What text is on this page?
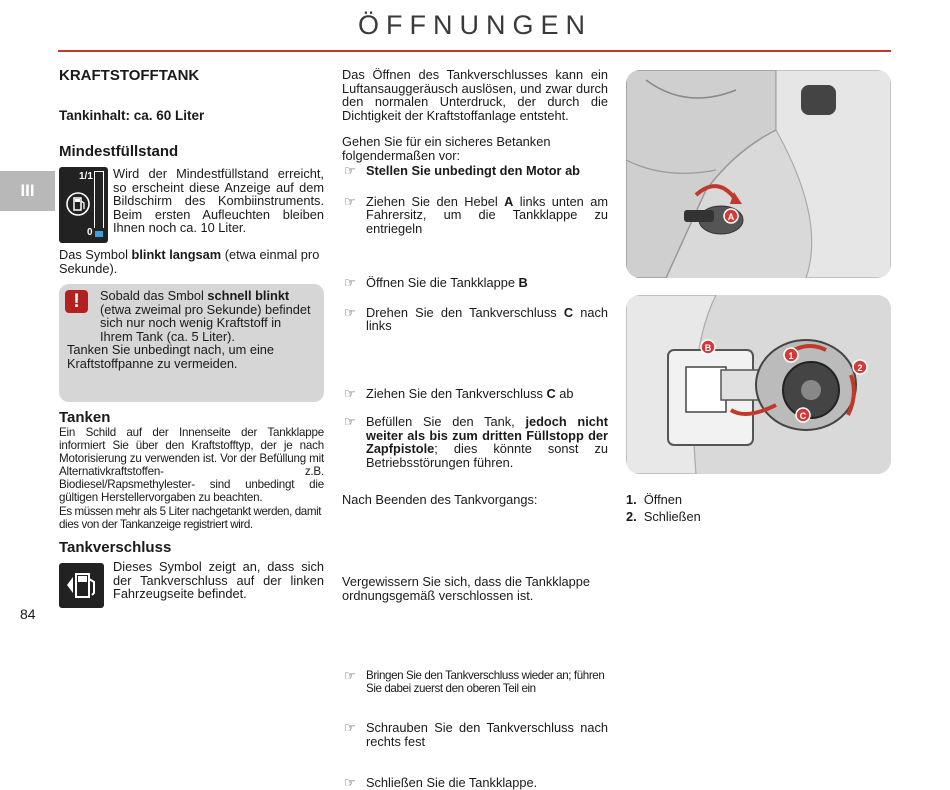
ÖFFNUNGEN
III
KRAFTSTOFFTANK
Tankinhalt: ca. 60 Liter
Mindestfüllstand
1/1
0
Wird der Mindestfüllstand erreicht, so erscheint diese Anzeige auf dem Bildschirm des Kombiinstruments. Beim ersten Aufleuchten bleiben Ihnen noch ca. 10 Liter.
Das Symbol blinkt langsam (etwa einmal pro Sekunde).
!	Sobald das Smbol schnell blinkt (etwa zweimal pro Sekunde) befindet sich nur noch wenig Kraftstoff in Ihrem Tank (ca. 5 Liter).
Tanken Sie unbedingt nach, um eine Kraftstoffpanne zu vermeiden.
Tanken
Ein Schild auf der Innenseite der Tankklappe informiert Sie über den Kraftstofftyp, der je nach Motorisierung zu verwenden ist. Vor der Befüllung mit Alternativkraftstoffen- z.B. Biodiesel/Rapsmethylester- sind unbedingt die gültigen Herstellervorgaben zu beachten.
Es müssen mehr als 5 Liter nachgetankt werden, damit dies von der Tankanzeige registriert wird.
Tankverschluss
Dieses Symbol zeigt an, dass sich der Tankverschluss auf der linken Fahrzeugseite befindet.
84
Das Öffnen des Tankverschlusses kann ein Luftansauggeräusch auslösen, und zwar durch den normalen Unterdruck, der durch die Dichtigkeit der Kraftstoffanlage entsteht.
Gehen Sie für ein sicheres Betanken folgendermaßen vor:
☞ Stellen Sie unbedingt den Motor ab
☞ Ziehen Sie den Hebel A links unten am Fahrersitz, um die Tankklappe zu entriegeln
☞ Öffnen Sie die Tankklappe B
☞ Drehen Sie den Tankverschluss C nach links
☞ Ziehen Sie den Tankverschluss C ab
☞ Befüllen Sie den Tank, jedoch nicht weiter als bis zum dritten Füllstopp der Zapfpistole; dies könnte sonst zu Betriebsstörungen führen.
Nach Beenden des Tankvorgangs:
☞ Bringen Sie den Tankverschluss wieder an; führen Sie dabei zuerst den oberen Teil ein
☞ Schrauben Sie den Tankverschluss nach rechts fest
☞ Schließen Sie die Tankklappe.
Vergewissern Sie sich, dass die Tankklappe ordnungsgemäß verschlossen ist.
A
B
1
2
C
1. Öffnen
2. Schließen
